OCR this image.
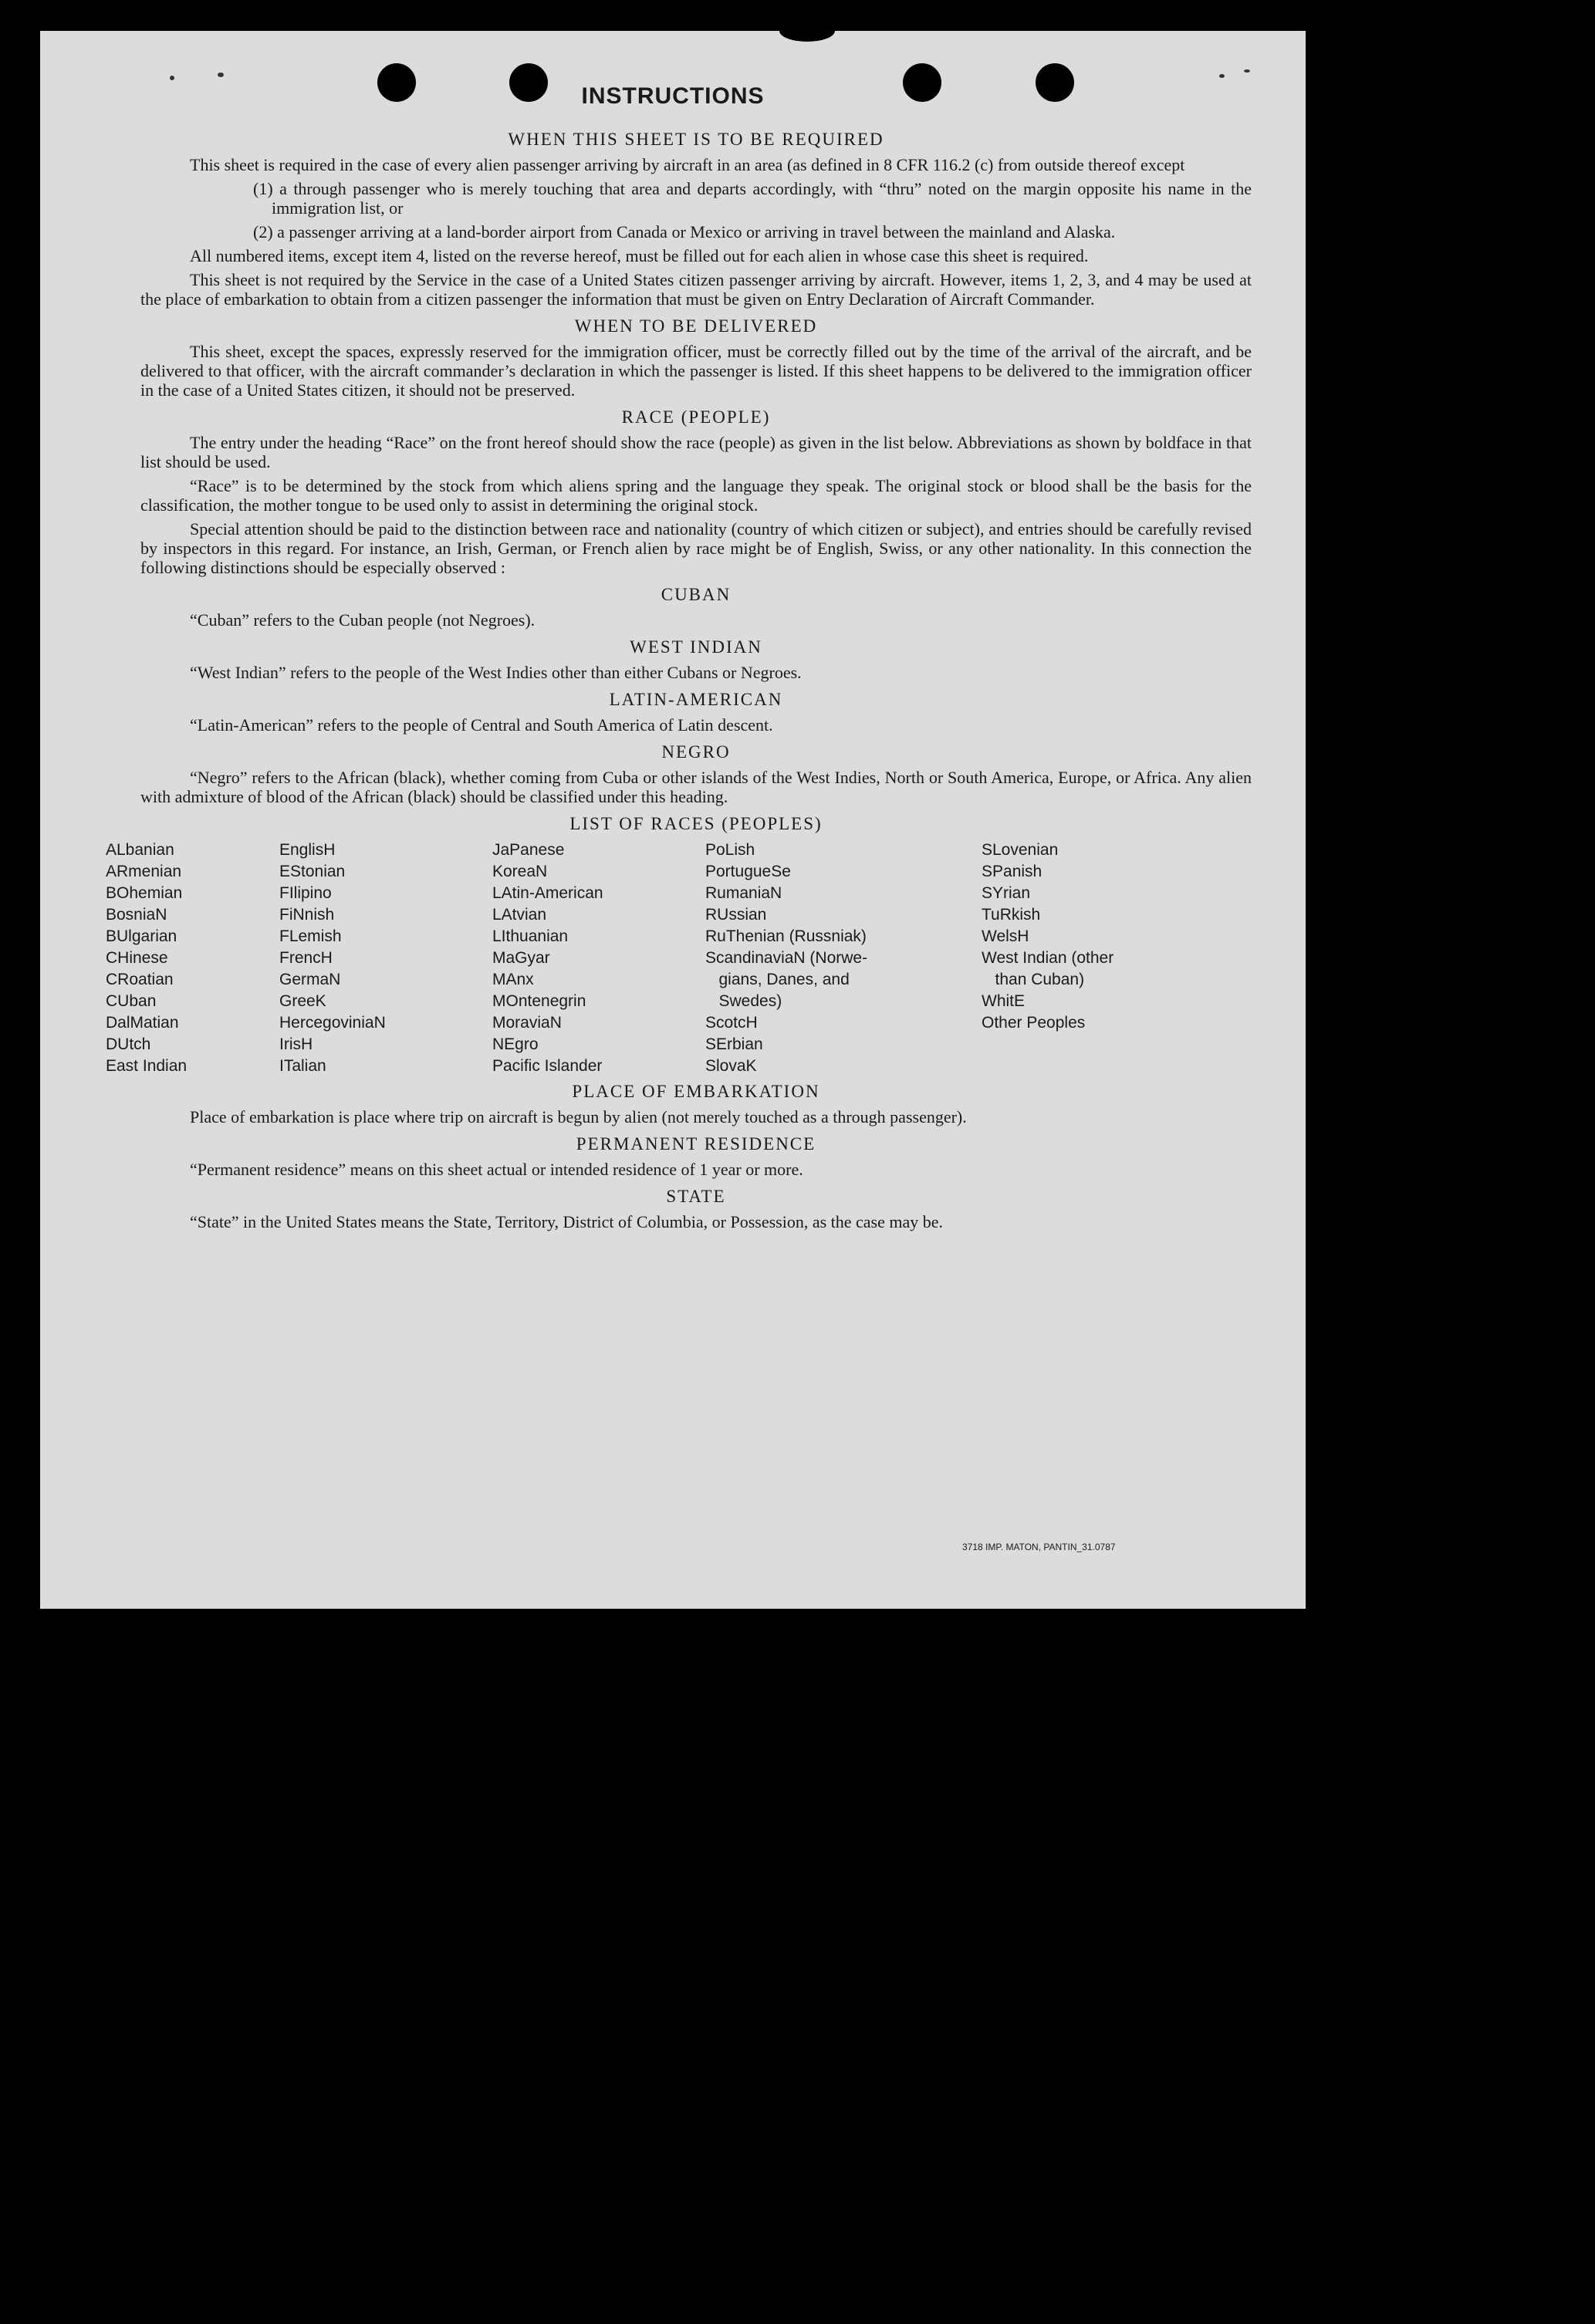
INSTRUCTIONS
WHEN THIS SHEET IS TO BE REQUIRED

This sheet is required in the case of every alien passenger arriving by aircraft in an area (as defined in 8 CFR 116.2 (c) from outside thereof except

(1) a through passenger who is merely touching that area and departs accordingly, with “thru” noted on the margin opposite his name in the immigration list, or

(2) a passenger arriving at a land-border airport from Canada or Mexico or arriving in travel between the mainland and Alaska.

All numbered items, except item 4, listed on the reverse hereof, must be filled out for each alien in whose case this sheet is required.

This sheet is not required by the Service in the case of a United States citizen passenger arriving by aircraft. However, items 1, 2, 3, and 4 may be used at the place of embarkation to obtain from a citizen passenger the information that must be given on Entry Declaration of Aircraft Commander.

WHEN TO BE DELIVERED

This sheet, except the spaces, expressly reserved for the immigration officer, must be correctly filled out by the time of the arrival of the aircraft, and be delivered to that officer, with the aircraft commander’s declaration in which the passenger is listed. If this sheet happens to be delivered to the immigration officer in the case of a United States citizen, it should not be preserved.

RACE (PEOPLE)

The entry under the heading “Race” on the front hereof should show the race (people) as given in the list below. Abbreviations as shown by boldface in that list should be used.

“Race” is to be determined by the stock from which aliens spring and the language they speak. The original stock or blood shall be the basis for the classification, the mother tongue to be used only to assist in determining the original stock.

Special attention should be paid to the distinction between race and nationality (country of which citizen or subject), and entries should be carefully revised by inspectors in this regard. For instance, an Irish, German, or French alien by race might be of English, Swiss, or any other nationality. In this connection the following distinctions should be especially observed :

CUBAN

“Cuban” refers to the Cuban people (not Negroes).

WEST INDIAN

“West Indian” refers to the people of the West Indies other than either Cubans or Negroes.

LATIN-AMERICAN

“Latin-American” refers to the people of Central and South America of Latin descent.

NEGRO

“Negro” refers to the African (black), whether coming from Cuba or other islands of the West Indies, North or South America, Europe, or Africa. Any alien with admixture of blood of the African (black) should be classified under this heading.

LIST OF RACES (PEOPLES)
ALbanian
ARmenian
BOhemian
BosniaN
BUlgarian
CHinese
CRoatian
CUban
DalMatian
DUtch
East Indian
EnglisH
EStonian
FIlipino
FiNnish
FLemish
FrencH
GermaN
GreeK
HercegoviniaN
IrisH
ITalian
JaPanese
KoreaN
LAtin-American
LAtvian
LIthuanian
MaGyar
MAnx
MOntenegrin
MoraviaN
NEgro
Pacific Islander
PoLish
PortugueSe
RumaniaN
RUssian
RuThenian (Russniak)
ScandinaviaN (Norwe-
gians, Danes, and
Swedes)
ScotcH
SErbian
SlovaK
SLovenian
SPanish
SYrian
TuRkish
WelsH
West Indian (other
than Cuban)
WhitE
Other Peoples
PLACE OF EMBARKATION

Place of embarkation is place where trip on aircraft is begun by alien (not merely touched as a through passenger).

PERMANENT RESIDENCE

“Permanent residence” means on this sheet actual or intended residence of 1 year or more.

STATE

“State” in the United States means the State, Territory, District of Columbia, or Possession, as the case may be.

3718 IMP. MATON, PANTIN_31.0787
